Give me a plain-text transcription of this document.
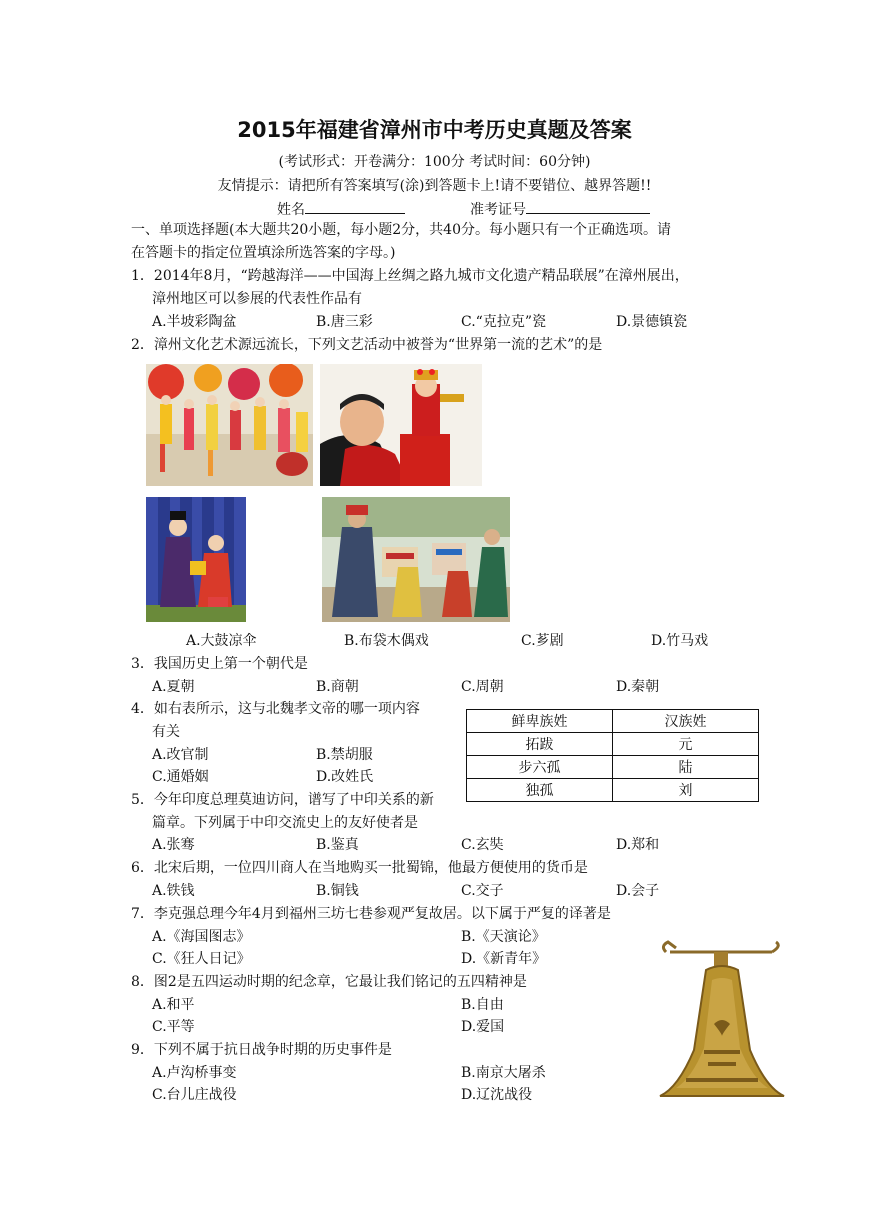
2015年福建省漳州市中考历史真题及答案
(考试形式：开卷满分：100分 考试时间：60分钟)
友情提示：请把所有答案填写(涂)到答题卡上!请不要错位、越界答题!!
姓名	准考证号
一、单项选择题(本大题共20小题，每小题2分，共40分。每小题只有一个正确选项。请
在答题卡的指定位置填涂所选答案的字母。)
1．2014年8月，“跨越海洋——中国海上丝绸之路九城市文化遗产精品联展”在漳州展出，
漳州地区可以参展的代表性作品有
A.半坡彩陶盆	B.唐三彩	C.“克拉克”瓷	D.景德镇瓷
2．漳州文化艺术源远流长，下列文艺活动中被誉为“世界第一流的艺术”的是
A.大鼓凉伞	B.布袋木偶戏	C.芗剧	D.竹马戏
3．我国历史上第一个朝代是
A.夏朝	B.商朝	C.周朝	D.秦朝
4．如右表所示，这与北魏孝文帝的哪一项内容
有关
A.改官制	B.禁胡服
C.通婚姻	D.改姓氏
鲜卑族姓	汉族姓
拓跋	元
步六孤	陆
独孤	刘
5．今年印度总理莫迪访问，谱写了中印关系的新
篇章。下列属于中印交流史上的友好使者是
A.张骞	B.鉴真	C.玄奘	D.郑和
6．北宋后期，一位四川商人在当地购买一批蜀锦，他最方便使用的货币是
A.铁钱	B.铜钱	C.交子	D.会子
7．李克强总理今年4月到福州三坊七巷参观严复故居。以下属于严复的译著是
A.《海国图志》	B.《天演论》
C.《狂人日记》	D.《新青年》
8．图2是五四运动时期的纪念章，它最让我们铭记的五四精神是
A.和平	B.自由
C.平等	D.爱国
9．下列不属于抗日战争时期的历史事件是
A.卢沟桥事变	B.南京大屠杀
C.台儿庄战役	D.辽沈战役
